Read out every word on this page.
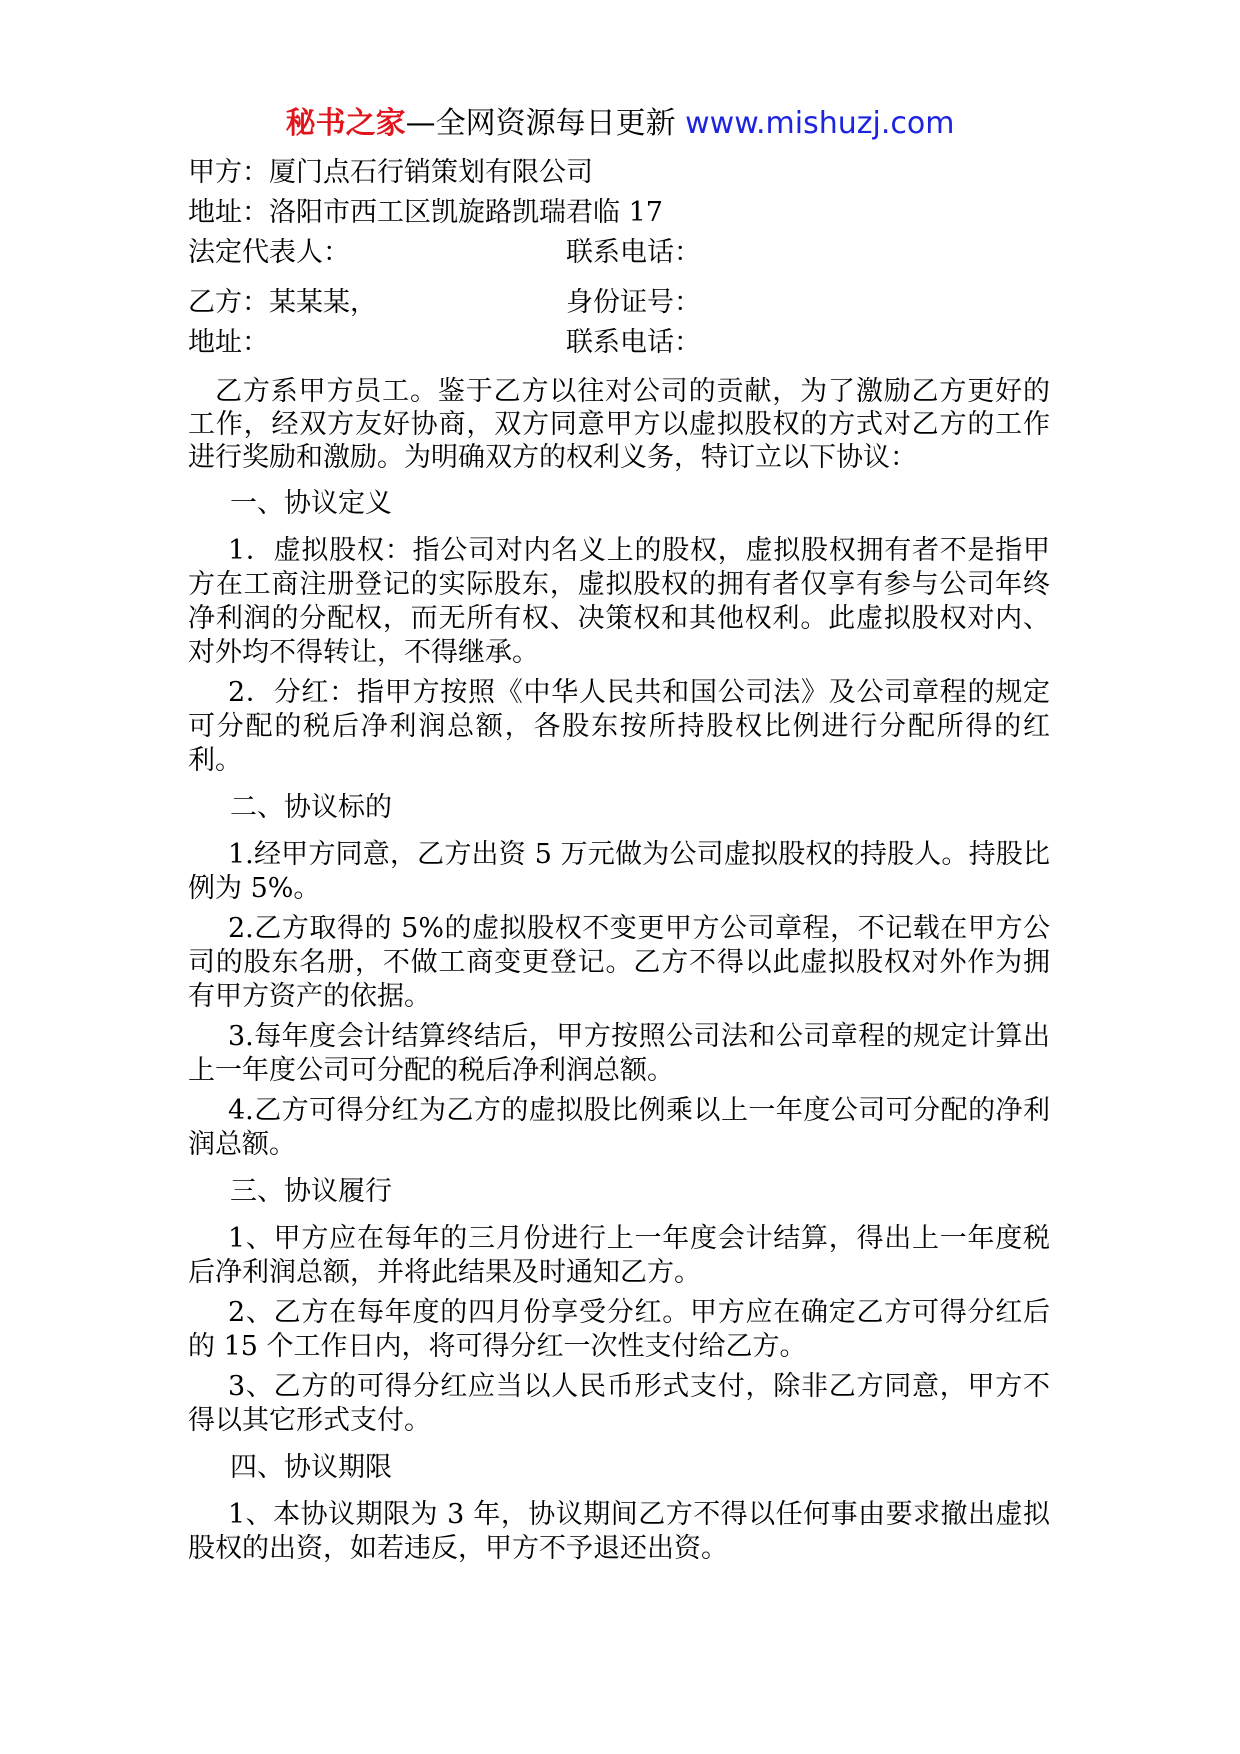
秘书之家—全网资源每日更新 www.mishuzj.com
甲方：厦门点石行销策划有限公司
地址：洛阳市西工区凯旋路凯瑞君临 17
法定代表人：	联系电话：
乙方：某某某，	身份证号：
地址：	联系电话：

乙方系甲方员工。鉴于乙方以往对公司的贡献，为了激励乙方更好的工作，经双方友好协商，双方同意甲方以虚拟股权的方式对乙方的工作进行奖励和激励。为明确双方的权利义务，特订立以下协议：

一、协议定义

1．虚拟股权：指公司对内名义上的股权，虚拟股权拥有者不是指甲方在工商注册登记的实际股东，虚拟股权的拥有者仅享有参与公司年终净利润的分配权，而无所有权、决策权和其他权利。此虚拟股权对内、对外均不得转让，不得继承。

2．分红：指甲方按照《中华人民共和国公司法》及公司章程的规定可分配的税后净利润总额，各股东按所持股权比例进行分配所得的红利。

二、协议标的

1.经甲方同意，乙方出资 5 万元做为公司虚拟股权的持股人。持股比例为 5%。

2.乙方取得的 5%的虚拟股权不变更甲方公司章程，不记载在甲方公司的股东名册，不做工商变更登记。乙方不得以此虚拟股权对外作为拥有甲方资产的依据。

3.每年度会计结算终结后，甲方按照公司法和公司章程的规定计算出上一年度公司可分配的税后净利润总额。

4.乙方可得分红为乙方的虚拟股比例乘以上一年度公司可分配的净利润总额。

三、协议履行

1、甲方应在每年的三月份进行上一年度会计结算，得出上一年度税后净利润总额，并将此结果及时通知乙方。

2、乙方在每年度的四月份享受分红。甲方应在确定乙方可得分红后的 15 个工作日内，将可得分红一次性支付给乙方。

3、乙方的可得分红应当以人民币形式支付，除非乙方同意，甲方不得以其它形式支付。

四、协议期限

1、本协议期限为 3 年，协议期间乙方不得以任何事由要求撤出虚拟股权的出资，如若违反，甲方不予退还出资。
